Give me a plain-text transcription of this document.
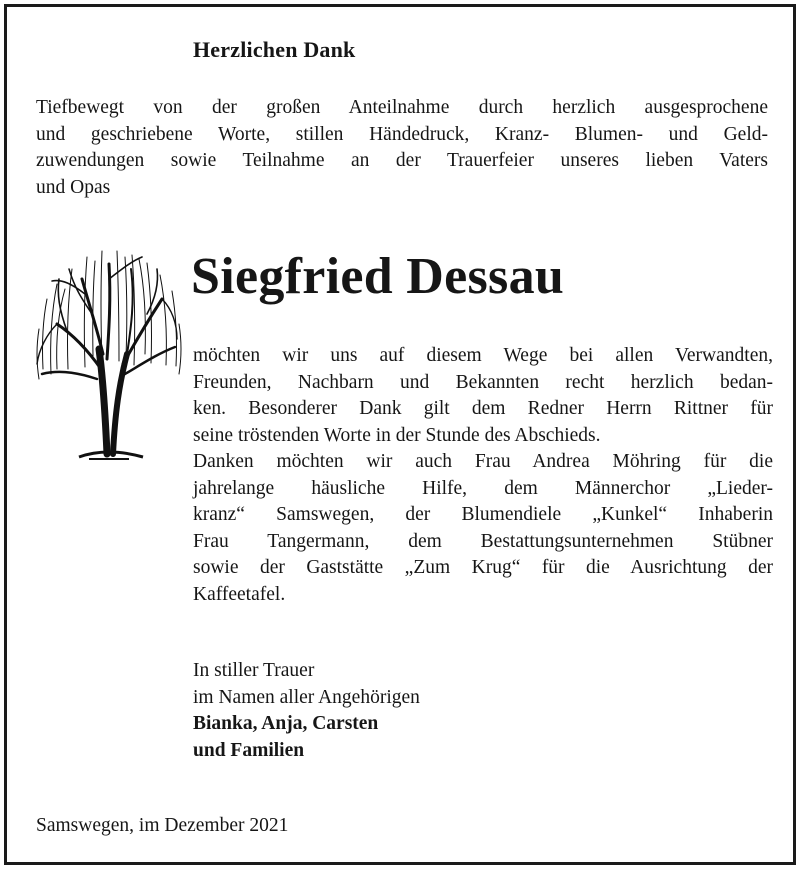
Herzlichen Dank
Tiefbewegt von der großen Anteilnahme durch herzlich ausgesprochene
und geschriebene Worte, stillen Händedruck, Kranz- Blumen- und Geld-
zuwendungen sowie Teilnahme an der Trauerfeier unseres lieben Vaters
und Opas
Siegfried Dessau
möchten wir uns auf diesem Wege bei allen Verwandten,
Freunden, Nachbarn und Bekannten recht herzlich bedan-
ken. Besonderer Dank gilt dem Redner Herrn Rittner für
seine tröstenden Worte in der Stunde des Abschieds.
Danken möchten wir auch Frau Andrea Möhring für die
jahrelange häusliche Hilfe, dem Männerchor „Lieder-
kranz“ Samswegen, der Blumendiele „Kunkel“ Inhaberin
Frau Tangermann, dem Bestattungsunternehmen Stübner
sowie der Gaststätte „Zum Krug“ für die Ausrichtung der
Kaffeetafel.
In stiller Trauer
im Namen aller Angehörigen
Bianka, Anja, Carsten
und Familien
Samswegen, im Dezember 2021
